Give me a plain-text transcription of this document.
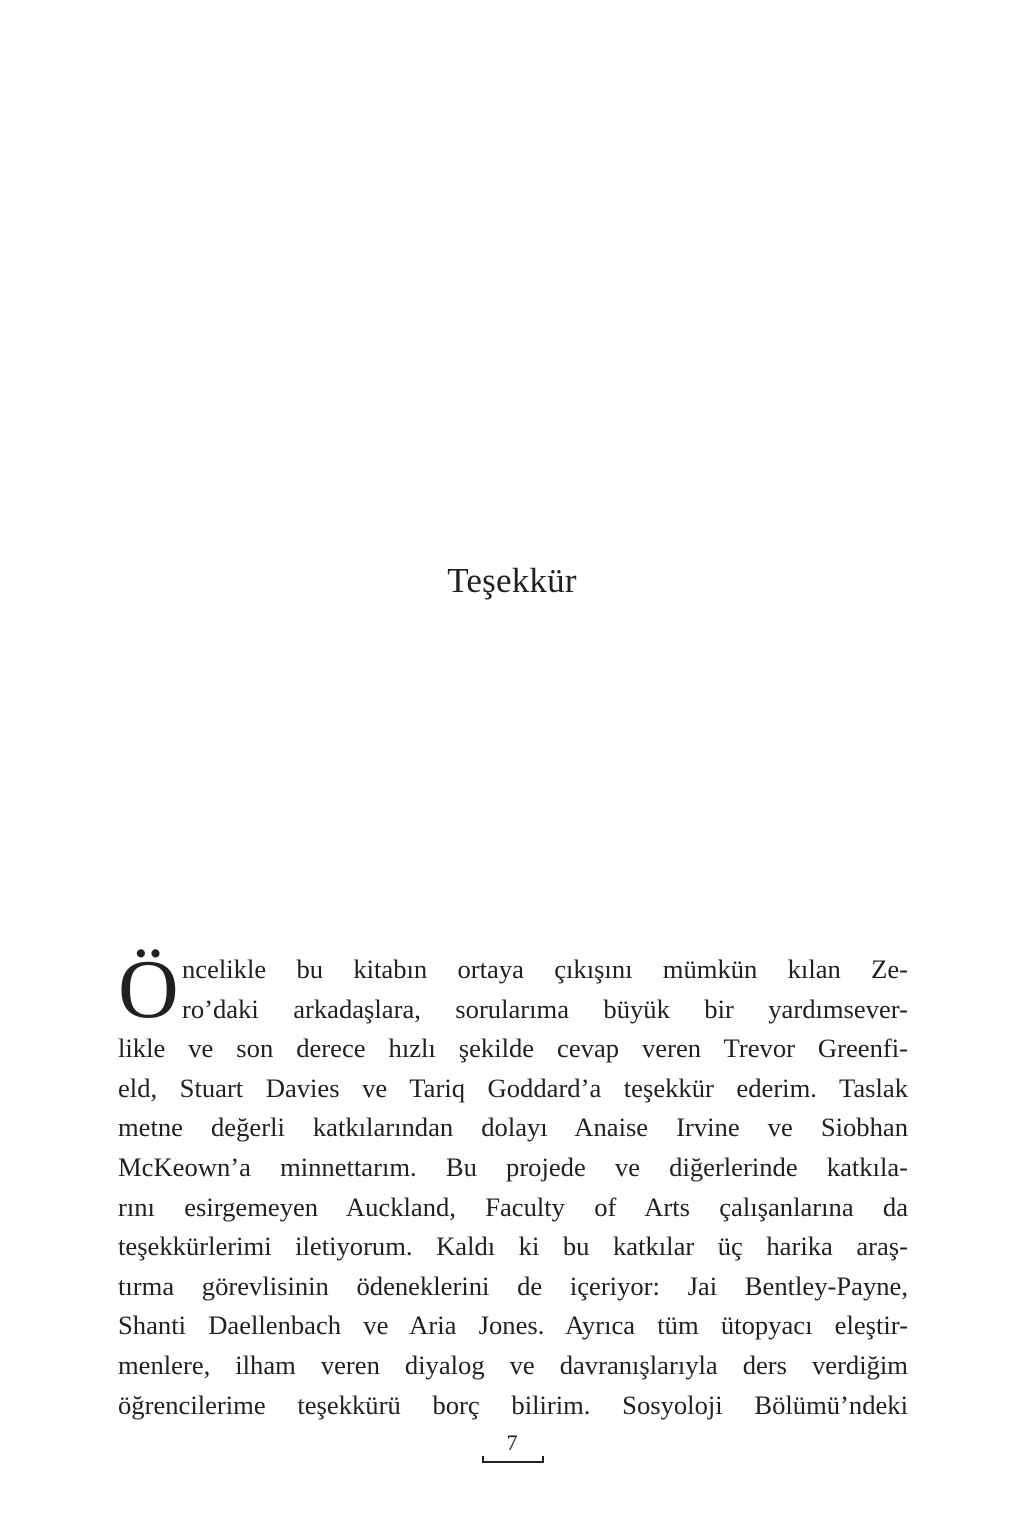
Teşekkür
Ö ncelikle bu kitabın ortaya çıkışını mümkün kılan Ze-
ro’daki arkadaşlara, sorularıma büyük bir yardımsever-
likle ve son derece hızlı şekilde cevap veren Trevor Greenfi-
eld, Stuart Davies ve Tariq Goddard’a teşekkür ederim. Taslak
metne değerli katkılarından dolayı Anaise Irvine ve Siobhan
McKeown’a minnettarım. Bu projede ve diğerlerinde katkıla-
rını esirgemeyen Auckland, Faculty of Arts çalışanlarına da
teşekkürlerimi iletiyorum. Kaldı ki bu katkılar üç harika araş-
tırma görevlisinin ödeneklerini de içeriyor: Jai Bentley-Payne,
Shanti Daellenbach ve Aria Jones. Ayrıca tüm ütopyacı eleştir-
menlere, ilham veren diyalog ve davranışlarıyla ders verdiğim
öğrencilerime teşekkürü borç bilirim. Sosyoloji Bölümü’ndeki
7
